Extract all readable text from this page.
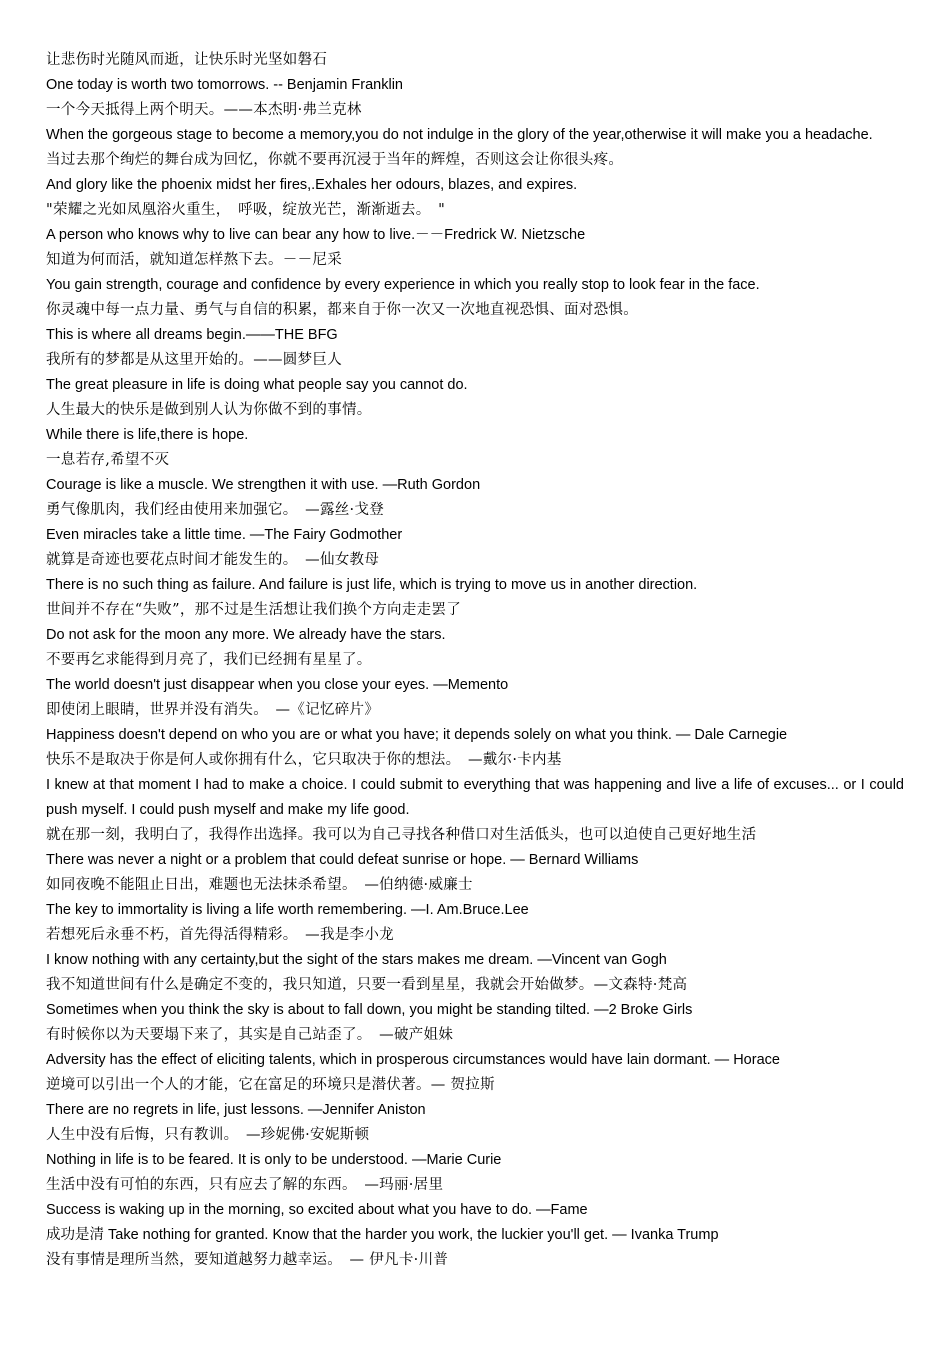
让悲伤时光随风而逝，让快乐时光坚如磐石

One today is worth two tomorrows. -- Benjamin Franklin

一个今天抵得上两个明天。——本杰明·弗兰克林

When the gorgeous stage to become a memory,you do not indulge in the glory of the year,otherwise it will make you a headache.

当过去那个绚烂的舞台成为回忆，你就不要再沉浸于当年的辉煌，否则这会让你很头疼。

And glory like the phoenix midst her fires,.Exhales her odours, blazes, and expires.

"荣耀之光如凤凰浴火重生，　呼吸，绽放光芒，渐渐逝去。　"

A person who knows why to live can bear any how to live.－－Fredrick W. Nietzsche

知道为何而活，就知道怎样熬下去。－－尼采

You gain strength, courage and confidence by every experience in which you really stop to look fear in the face.

你灵魂中每一点力量、勇气与自信的积累，都来自于你一次又一次地直视恐惧、面对恐惧。

This is where all dreams begin.——THE BFG

我所有的梦都是从这里开始的。——圆梦巨人

The great pleasure in life is doing what people say you cannot do.

人生最大的快乐是做到别人认为你做不到的事情。

While there is life,there is hope.

一息若存,希望不灭

Courage is like a muscle. We strengthen it with use. —Ruth Gordon

勇气像肌肉，我们经由使用来加强它。　—露丝·戈登

Even miracles take a little time. —The Fairy Godmother

就算是奇迹也要花点时间才能发生的。　—仙女教母

There is no such thing as failure. And failure is just life, which is trying to move us in another direction.

世间并不存在“失败”，那不过是生活想让我们换个方向走走罢了

Do not ask for the moon any more. We already have the stars.

不要再乞求能得到月亮了，我们已经拥有星星了。

The world doesn't just disappear when you close your eyes. —Memento

即使闭上眼睛，世界并没有消失。　—《记忆碎片》

Happiness doesn't depend on who you are or what you have; it depends solely on what you think. — Dale Carnegie

快乐不是取决于你是何人或你拥有什么，它只取决于你的想法。　—戴尔·卡内基

I knew at that moment I had to make a choice. I could submit to everything that was happening and live a life of excuses... or I could push myself. I could push myself and make my life good.

就在那一刻，我明白了，我得作出选择。我可以为自己寻找各种借口对生活低头，也可以迫使自己更好地生活

There was never a night or a problem that could defeat sunrise or hope. — Bernard Williams

如同夜晚不能阻止日出，难题也无法抹杀希望。　—伯纳德·威廉士

The key to immortality is living a life worth remembering. —I. Am.Bruce.Lee

若想死后永垂不朽，首先得活得精彩。　—我是李小龙

I know nothing with any certainty,but the sight of the stars makes me dream. —Vincent van Gogh

我不知道世间有什么是确定不变的，我只知道，只要一看到星星，我就会开始做梦。—文森特·梵高

Sometimes when you think the sky is about to fall down, you might be standing tilted. —2 Broke Girls

有时候你以为天要塌下来了，其实是自己站歪了。　—破产姐妹

Adversity has the effect of eliciting talents, which in prosperous circumstances would have lain dormant. — Horace

逆境可以引出一个人的才能，它在富足的环境只是潜伏著。— 贺拉斯

There are no regrets in life, just lessons. —Jennifer Aniston

人生中没有后悔，只有教训。　—珍妮佛·安妮斯顿

Nothing in life is to be feared. It is only to be understood. —Marie Curie

生活中没有可怕的东西，只有应去了解的东西。　—玛丽·居里

Success is waking up in the morning, so excited about what you have to do. —Fame

成功是清 Take nothing for granted. Know that the harder you work, the luckier you'll get. — Ivanka Trump

没有事情是理所当然，要知道越努力越幸运。　— 伊凡卡·川普
